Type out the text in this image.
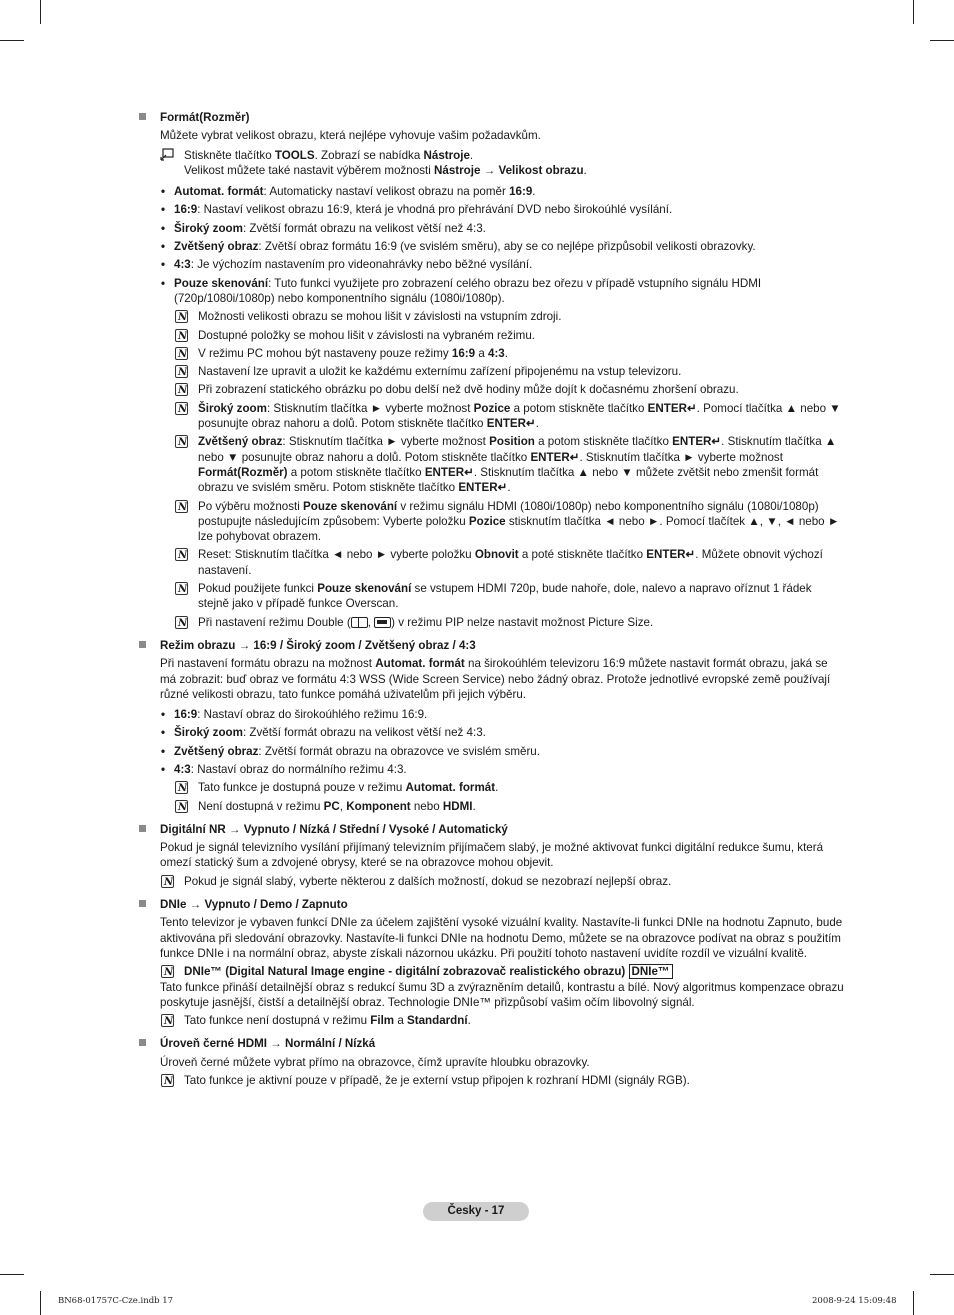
Formát(Rozměr)
Můžete vybrat velikost obrazu, která nejlépe vyhovuje vašim požadavkům.
Stiskněte tlačítko TOOLS. Zobrazí se nabídka Nástroje.
Velikost můžete také nastavit výběrem možnosti Nástroje → Velikost obrazu.
• Automat. formát: Automaticky nastaví velikost obrazu na poměr 16:9.
• 16:9: Nastaví velikost obrazu 16:9, která je vhodná pro přehrávání DVD nebo širokoúhlé vysílání.
• Široký zoom: Zvětší formát obrazu na velikost větší než 4:3.
• Zvětšený obraz: Zvětší obraz formátu 16:9 (ve svislém směru), aby se co nejlépe přizpůsobil velikosti obrazovky.
• 4:3: Je výchozím nastavením pro videonahrávky nebo běžné vysílání.
• Pouze skenování: Tuto funkci využijete pro zobrazení celého obrazu bez ořezu v případě vstupního signálu HDMI (720p/1080i/1080p) nebo komponentního signálu (1080i/1080p).
N
Možnosti velikosti obrazu se mohou lišit v závislosti na vstupním zdroji.
N
Dostupné položky se mohou lišit v závislosti na vybraném režimu.
N
V režimu PC mohou být nastaveny pouze režimy 16:9 a 4:3.
N
Nastavení lze upravit a uložit ke každému externímu zařízení připojenému na vstup televizoru.
N
Při zobrazení statického obrázku po dobu delší než dvě hodiny může dojít k dočasnému zhoršení obrazu.
N
Široký zoom: Stisknutím tlačítka ► vyberte možnost Pozice a potom stiskněte tlačítko ENTER↵. Pomocí tlačítka ▲ nebo ▼ posunujte obraz nahoru a dolů. Potom stiskněte tlačítko ENTER↵.
N
Zvětšený obraz: Stisknutím tlačítka ► vyberte možnost Position a potom stiskněte tlačítko ENTER↵. Stisknutím tlačítka ▲ nebo ▼ posunujte obraz nahoru a dolů. Potom stiskněte tlačítko ENTER↵. Stisknutím tlačítka ► vyberte možnost Formát(Rozměr) a potom stiskněte tlačítko ENTER↵. Stisknutím tlačítka ▲ nebo ▼ můžete zvětšit nebo zmenšit formát obrazu ve svislém směru. Potom stiskněte tlačítko ENTER↵.
N
Po výběru možnosti Pouze skenování v režimu signálu HDMI (1080i/1080p) nebo komponentního signálu (1080i/1080p) postupujte následujícím způsobem: Vyberte položku Pozice stisknutím tlačítka ◄ nebo ►. Pomocí tlačítek ▲, ▼, ◄ nebo ► lze pohybovat obrazem.
N
Reset: Stisknutím tlačítka ◄ nebo ► vyberte položku Obnovit a poté stiskněte tlačítko ENTER↵. Můžete obnovit výchozí nastavení.
N
Pokud použijete funkci Pouze skenování se vstupem HDMI 720p, bude nahoře, dole, nalevo a napravo oříznut 1 řádek stejně jako v případě funkce Overscan.
N
Při nastavení režimu Double ( , ) v režimu PIP nelze nastavit možnost Picture Size.
Režim obrazu → 16:9 / Široký zoom / Zvětšený obraz / 4:3
Při nastavení formátu obrazu na možnost Automat. formát na širokoúhlém televizoru 16:9 můžete nastavit formát obrazu, jaká se má zobrazit: buď obraz ve formátu 4:3 WSS (Wide Screen Service) nebo žádný obraz. Protože jednotlivé evropské země používají různé velikosti obrazu, tato funkce pomáhá uživatelům při jejich výběru.
• 16:9: Nastaví obraz do širokoúhlého režimu 16:9.
• Široký zoom: Zvětší formát obrazu na velikost větší než 4:3.
• Zvětšený obraz: Zvětší formát obrazu na obrazovce ve svislém směru.
• 4:3: Nastaví obraz do normálního režimu 4:3.
N
Tato funkce je dostupná pouze v režimu Automat. formát.
N
Není dostupná v režimu PC, Komponent nebo HDMI.
Digitální NR → Vypnuto / Nízká / Střední / Vysoké / Automatický
Pokud je signál televizního vysílání přijímaný televizním přijímačem slabý, je možné aktivovat funkci digitální redukce šumu, která omezí statický šum a zdvojené obrysy, které se na obrazovce mohou objevit.
N
Pokud je signál slabý, vyberte některou z dalších možností, dokud se nezobrazí nejlepší obraz.
DNIe → Vypnuto / Demo / Zapnuto
Tento televizor je vybaven funkcí DNIe za účelem zajištění vysoké vizuální kvality. Nastavíte-li funkci DNIe na hodnotu Zapnuto, bude aktivována při sledování obrazovky. Nastavíte-li funkci DNIe na hodnotu Demo, můžete se na obrazovce podívat na obraz s použitím funkce DNIe i na normální obraz, abyste získali názornou ukázku. Při použití tohoto nastavení uvidíte rozdíl ve vizuální kvalitě.
N
DNIe™ (Digital Natural Image engine - digitální zobrazovač realistického obrazu) DNIe™
Tato funkce přináší detailnější obraz s redukcí šumu 3D a zvýrazněním detailů, kontrastu a bílé. Nový algoritmus kompenzace obrazu poskytuje jasnější, čistší a detailnější obraz. Technologie DNIe™ přizpůsobí vašim očím libovolný signál.
N
Tato funkce není dostupná v režimu Film a Standardní.
Úroveň černé HDMI → Normální / Nízká
Úroveň černé můžete vybrat přímo na obrazovce, čímž upravíte hloubku obrazovky.
N
Tato funkce je aktivní pouze v případě, že je externí vstup připojen k rozhraní HDMI (signály RGB).
Česky - 17
BN68-01757C-Cze.indb 17	2008-9-24 15:09:48
